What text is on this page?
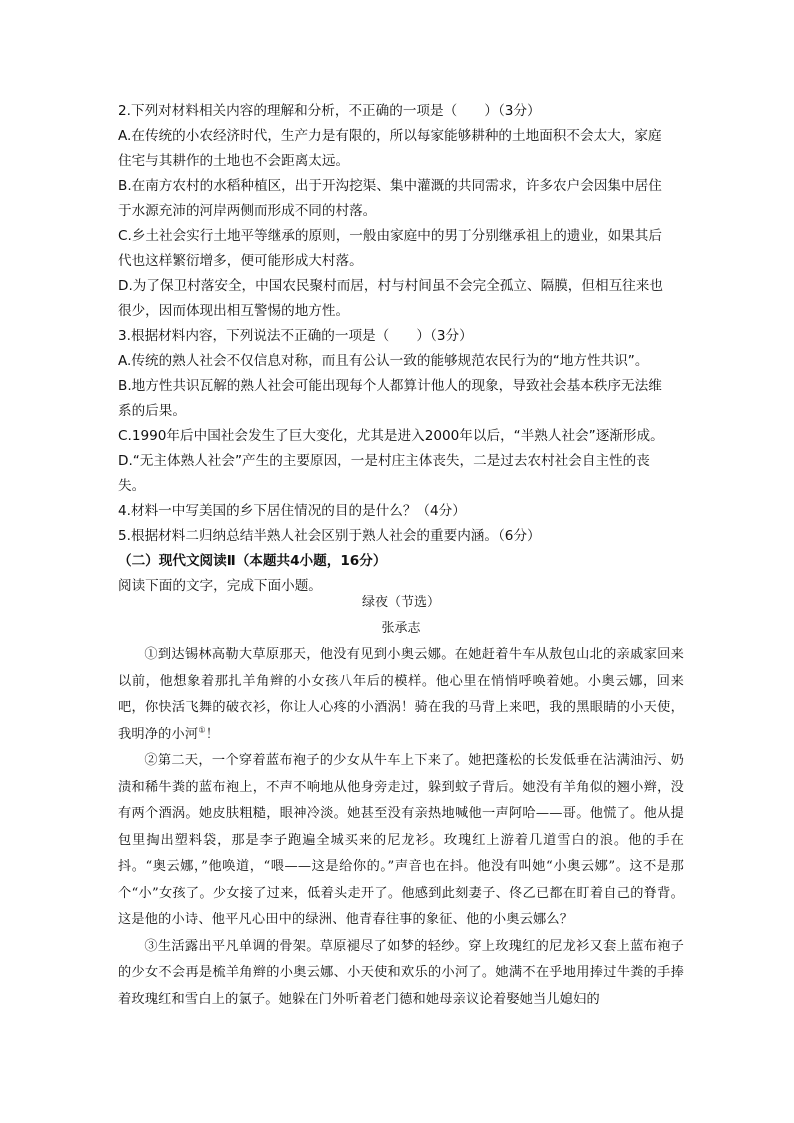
2.下列对材料相关内容的理解和分析，不正确的一项是（　　）（3分）

A.在传统的小农经济时代，生产力是有限的，所以每家能够耕种的土地面积不会太大，家庭

住宅与其耕作的土地也不会距离太远。

B.在南方农村的水稻种植区，出于开沟挖渠、集中灌溉的共同需求，许多农户会因集中居住

于水源充沛的河岸两侧而形成不同的村落。

C.乡土社会实行土地平等继承的原则，一般由家庭中的男丁分别继承祖上的遗业，如果其后

代也这样繁衍增多，便可能形成大村落。

D.为了保卫村落安全，中国农民聚村而居，村与村间虽不会完全孤立、隔膜，但相互往来也

很少，因而体现出相互警惕的地方性。

3.根据材料内容，下列说法不正确的一项是（　　）（3分）

A.传统的熟人社会不仅信息对称，而且有公认一致的能够规范农民行为的“地方性共识”。

B.地方性共识瓦解的熟人社会可能出现每个人都算计他人的现象，导致社会基本秩序无法维

系的后果。

C.1990年后中国社会发生了巨大变化，尤其是进入2000年以后，“半熟人社会”逐渐形成。

D.“无主体熟人社会”产生的主要原因，一是村庄主体丧失，二是过去农村社会自主性的丧

失。

4.材料一中写美国的乡下居住情况的目的是什么？（4分）

5.根据材料二归纳总结半熟人社会区别于熟人社会的重要内涵。（6分）

（二）现代文阅读Ⅱ（本题共4小题，16分）

阅读下面的文字，完成下面小题。

绿夜（节选）

张承志

①到达锡林高勒大草原那天，他没有见到小奥云娜。在她赶着牛车从敖包山北的亲戚家回来以前，他想象着那扎羊角辫的小女孩八年后的模样。他心里在悄悄呼唤着她。小奥云娜，回来吧，你快活飞舞的破衣衫，你让人心疼的小酒涡！骑在我的马背上来吧，我的黑眼睛的小天使，我明净的小河①！

②第二天，一个穿着蓝布袍子的少女从牛车上下来了。她把蓬松的长发低垂在沾满油污、奶渍和稀牛粪的蓝布袍上，不声不响地从他身旁走过，躲到蚊子背后。她没有羊角似的翘小辫，没有两个酒涡。她皮肤粗糙，眼神冷淡。她甚至没有亲热地喊他一声阿哈——哥。他慌了。他从提包里掏出塑料袋，那是李子跑遍全城买来的尼龙衫。玫瑰红上游着几道雪白的浪。他的手在抖。“奥云娜，”他唤道，“喂——这是给你的。”声音也在抖。他没有叫她“小奥云娜”。这不是那个“小”女孩了。少女接了过来，低着头走开了。他感到此刻妻子、佟乙已都在盯着自己的脊背。这是他的小诗、他平凡心田中的绿洲、他青春往事的象征、他的小奥云娜么？

③生活露出平凡单调的骨架。草原褪尽了如梦的轻纱。穿上玫瑰红的尼龙衫又套上蓝布袍子的少女不会再是梳羊角辫的小奥云娜、小天使和欢乐的小河了。她满不在乎地用捧过牛粪的手捧着玫瑰红和雪白上的氯子。她躲在门外听着老门德和她母亲议论着娶她当儿媳妇的
